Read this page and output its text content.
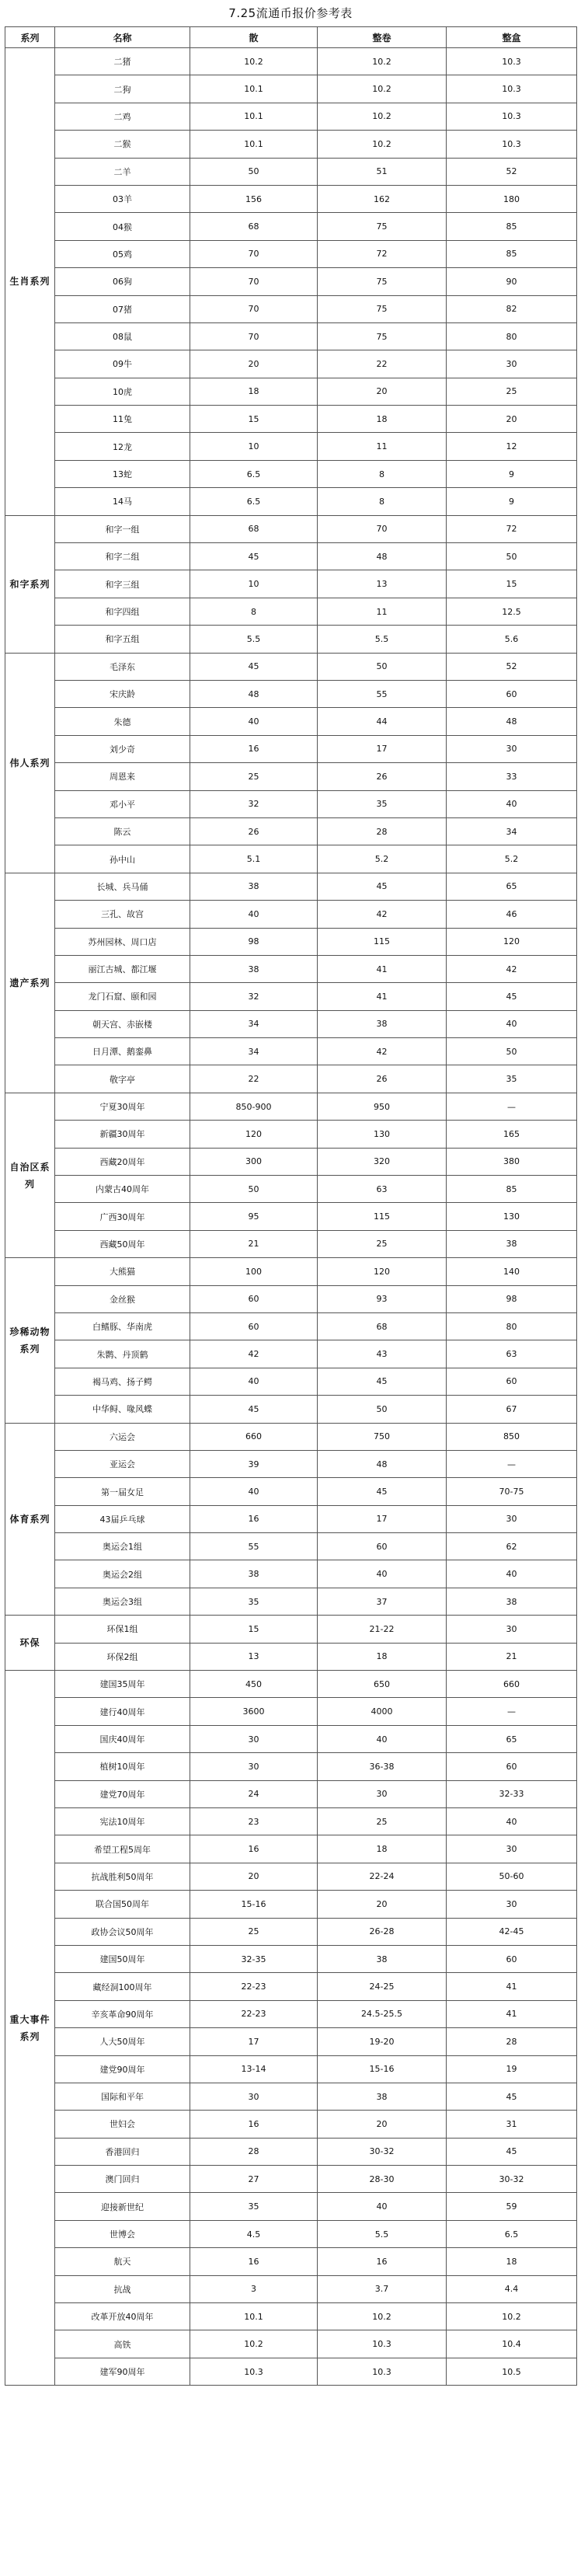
7.25流通币报价参考表
系列	名称	散	整卷	整盒
生肖系列	二猪	10.2	10.2	10.3
	二狗	10.1	10.2	10.3
	二鸡	10.1	10.2	10.3
	二猴	10.1	10.2	10.3
	二羊	50	51	52
	03羊	156	162	180
	04猴	68	75	85
	05鸡	70	72	85
	06狗	70	75	90
	07猪	70	75	82
	08鼠	70	75	80
	09牛	20	22	30
	10虎	18	20	25
	11兔	15	18	20
	12龙	10	11	12
	13蛇	6.5	8	9
	14马	6.5	8	9
和字系列	和字一组	68	70	72
	和字二组	45	48	50
	和字三组	10	13	15
	和字四组	8	11	12.5
	和字五组	5.5	5.5	5.6
伟人系列	毛泽东	45	50	52
	宋庆龄	48	55	60
	朱德	40	44	48
	刘少奇	16	17	30
	周恩来	25	26	33
	邓小平	32	35	40
	陈云	26	28	34
	孙中山	5.1	5.2	5.2
遗产系列	长城、兵马俑	38	45	65
	三孔、故宫	40	42	46
	苏州园林、周口店	98	115	120
	丽江古城、都江堰	38	41	42
	龙门石窟、颐和园	32	41	45
	朝天宫、赤嵌楼	34	38	40
	日月潭、鹅銮鼻	34	42	50
	敬字亭	22	26	35
自治区系列	宁夏30周年	850-900	950	—
	新疆30周年	120	130	165
	西藏20周年	300	320	380
	内蒙古40周年	50	63	85
	广西30周年	95	115	130
	西藏50周年	21	25	38
珍稀动物系列	大熊猫	100	120	140
	金丝猴	60	93	98
	白鳍豚、华南虎	60	68	80
	朱鹮、丹顶鹤	42	43	63
	褐马鸡、扬子鳄	40	45	60
	中华鲟、喙风蝶	45	50	67
体育系列	六运会	660	750	850
	亚运会	39	48	—
	第一届女足	40	45	70-75
	43届乒乓球	16	17	30
	奥运会1组	55	60	62
	奥运会2组	38	40	40
	奥运会3组	35	37	38
环保	环保1组	15	21-22	30
	环保2组	13	18	21
重大事件系列	建国35周年	450	650	660
	建行40周年	3600	4000	—
	国庆40周年	30	40	65
	植树10周年	30	36-38	60
	建党70周年	24	30	32-33
	宪法10周年	23	25	40
	希望工程5周年	16	18	30
	抗战胜利50周年	20	22-24	50-60
	联合国50周年	15-16	20	30
	政协会议50周年	25	26-28	42-45
	建国50周年	32-35	38	60
	藏经洞100周年	22-23	24-25	41
	辛亥革命90周年	22-23	24.5-25.5	41
	人大50周年	17	19-20	28
	建党90周年	13-14	15-16	19
	国际和平年	30	38	45
	世妇会	16	20	31
	香港回归	28	30-32	45
	澳门回归	27	28-30	30-32
	迎接新世纪	35	40	59
	世博会	4.5	5.5	6.5
	航天	16	16	18
	抗战	3	3.7	4.4
	改革开放40周年	10.1	10.2	10.2
	高铁	10.2	10.3	10.4
	建军90周年	10.3	10.3	10.5
